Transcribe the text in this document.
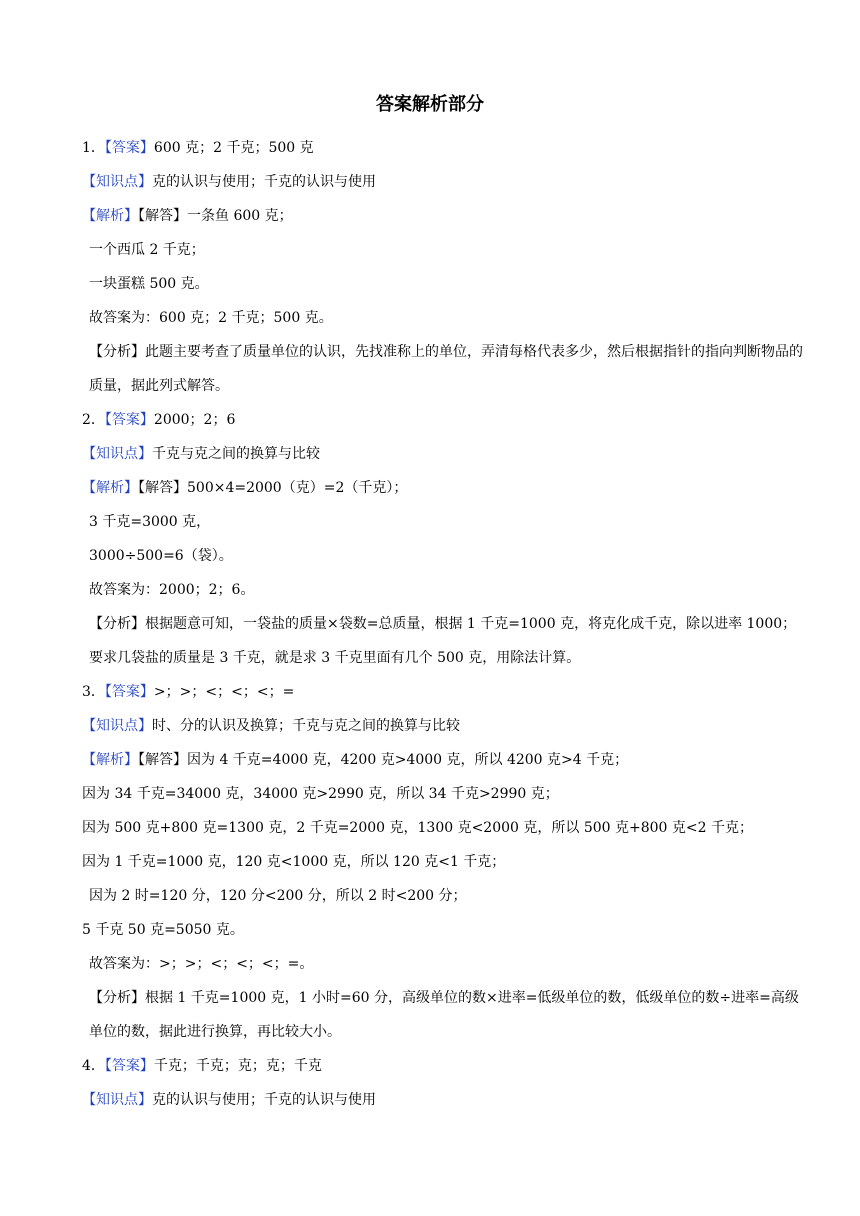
答案解析部分
1．【答案】600 克；2 千克；500 克
【知识点】克的认识与使用；千克的认识与使用
【解析】【解答】一条鱼 600 克；
一个西瓜 2 千克；
一块蛋糕 500 克。
故答案为：600 克；2 千克；500 克。
【分析】此题主要考查了质量单位的认识，先找准称上的单位，弄清每格代表多少，然后根据指针的指向判断物品的质量，据此列式解答。
2．【答案】2000；2；6
【知识点】千克与克之间的换算与比较
【解析】【解答】500×4=2000（克）=2（千克）；
3 千克=3000 克，
3000÷500=6（袋）。
故答案为：2000；2；6。
【分析】根据题意可知，一袋盐的质量×袋数=总质量，根据 1 千克=1000 克，将克化成千克，除以进率 1000；
要求几袋盐的质量是 3 千克，就是求 3 千克里面有几个 500 克，用除法计算。
3．【答案】>；>；<；<；<；=
【知识点】时、分的认识及换算；千克与克之间的换算与比较
【解析】【解答】因为 4 千克=4000 克，4200 克>4000 克，所以 4200 克>4 千克；
因为 34 千克=34000 克，34000 克>2990 克，所以 34 千克>2990 克；
因为 500 克+800 克=1300 克，2 千克=2000 克，1300 克<2000 克，所以 500 克+800 克<2 千克；
因为 1 千克=1000 克，120 克<1000 克，所以 120 克<1 千克；
因为 2 时=120 分，120 分<200 分，所以 2 时<200 分；
5 千克 50 克=5050 克。
故答案为：>；>；<；<；<；=。
【分析】根据 1 千克=1000 克，1 小时=60 分，高级单位的数×进率=低级单位的数，低级单位的数÷进率=高级单位的数，据此进行换算，再比较大小。
4．【答案】千克；千克；克；克；千克
【知识点】克的认识与使用；千克的认识与使用
